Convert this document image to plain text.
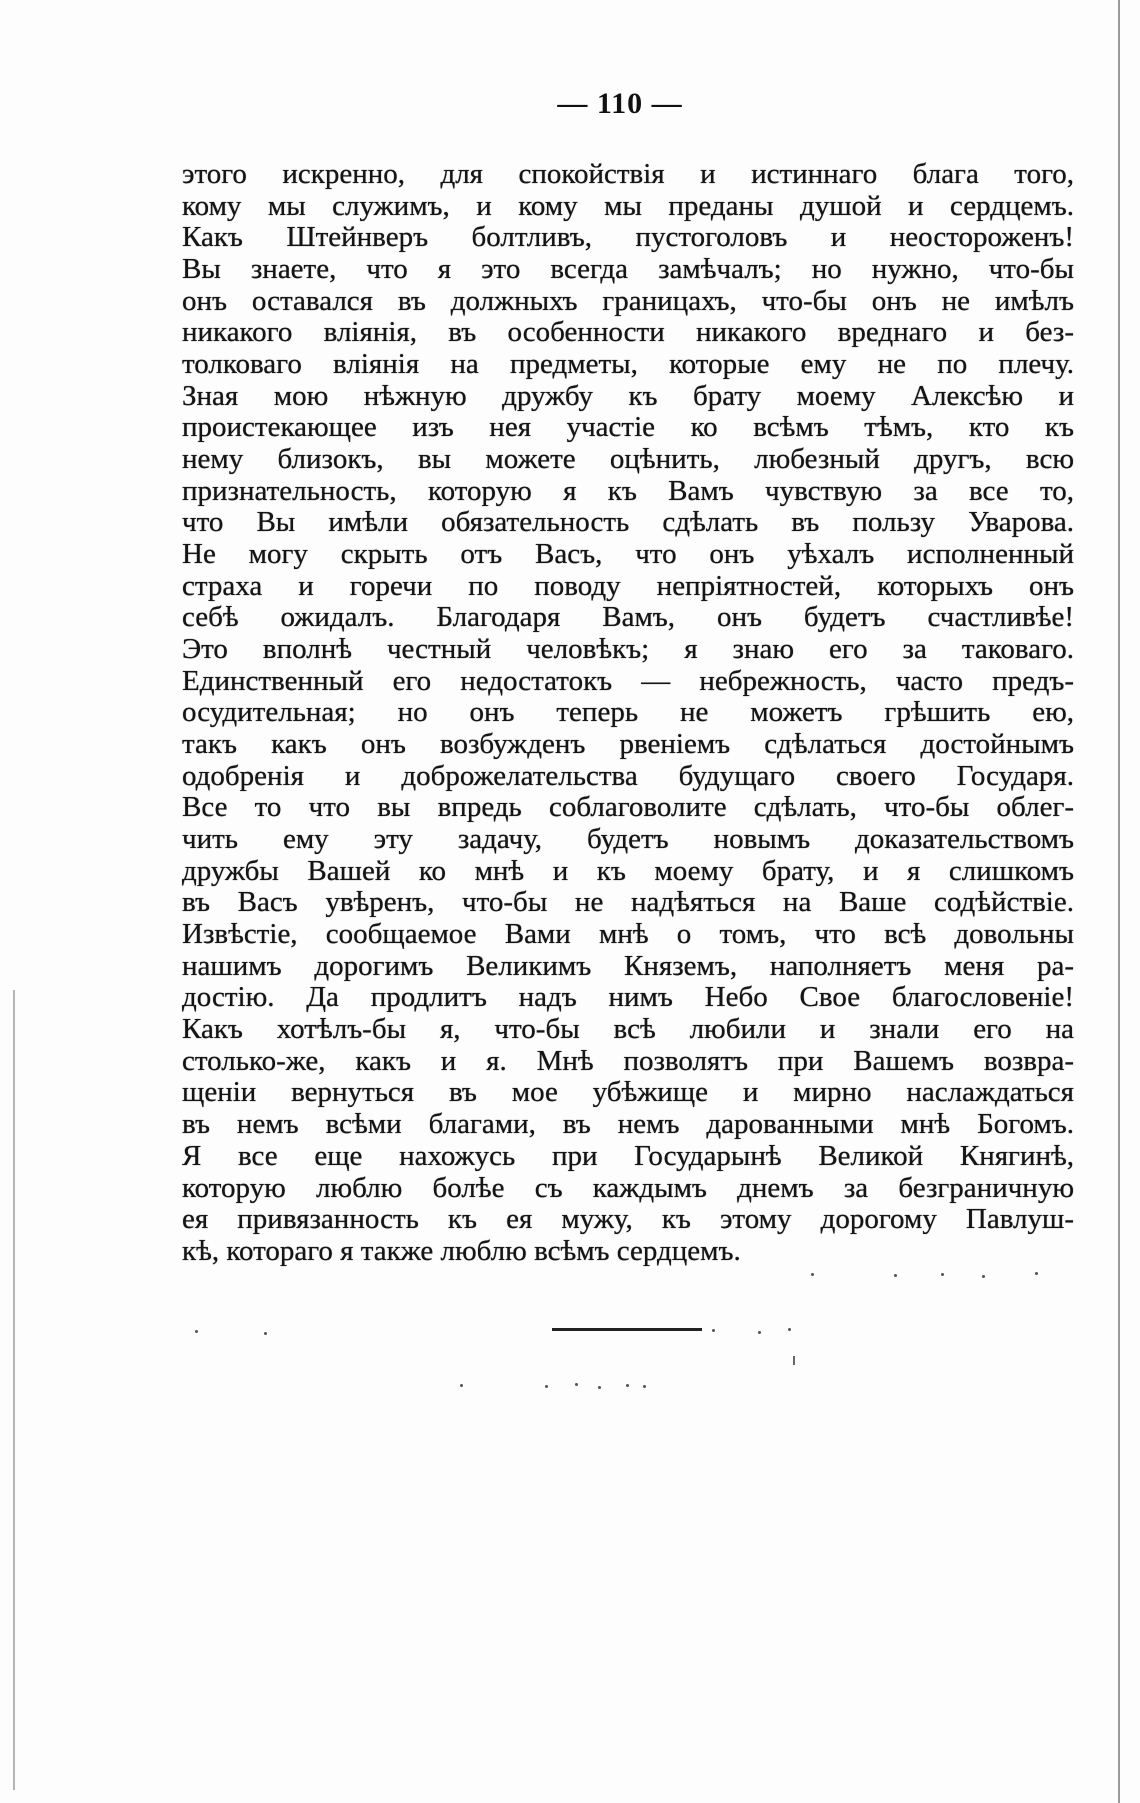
— 110 —
этого искренно, для спокойствія и истиннаго блага того,
кому мы служимъ, и кому мы преданы душой и сердцемъ.
Какъ Штейнверъ болтливъ, пустоголовъ и неостороженъ!
Вы знаете, что я это всегда замѣчалъ; но нужно, что-бы
онъ оставался въ должныхъ границахъ, что-бы онъ не имѣлъ
никакого вліянія, въ особенности никакого вреднаго и без-
толковаго вліянія на предметы, которые ему не по плечу.
Зная мою нѣжную дружбу къ брату моему Алексѣю и
проистекающее изъ нея участіе ко всѣмъ тѣмъ, кто къ
нему близокъ, вы можете оцѣнить, любезный другъ, всю
признательность, которую я къ Вамъ чувствую за все то,
что Вы имѣли обязательность сдѣлать въ пользу Уварова.
Не могу скрыть отъ Васъ, что онъ уѣхалъ исполненный
страха и горечи по поводу непріятностей, которыхъ онъ
себѣ ожидалъ. Благодаря Вамъ, онъ будетъ счастливѣе!
Это вполнѣ честный человѣкъ; я знаю его за таковаго.
Единственный его недостатокъ — небрежность, часто предъ-
осудительная; но онъ теперь не можетъ грѣшить ею,
такъ какъ онъ возбужденъ рвеніемъ сдѣлаться достойнымъ
одобренія и доброжелательства будущаго своего Государя.
Все то что вы впредь соблаговолите сдѣлать, что-бы облег-
чить ему эту задачу, будетъ новымъ доказательствомъ
дружбы Вашей ко мнѣ и къ моему брату, и я слишкомъ
въ Васъ увѣренъ, что-бы не надѣяться на Ваше содѣйствіе.
Извѣстіе, сообщаемое Вами мнѣ о томъ, что всѣ довольны
нашимъ дорогимъ Великимъ Княземъ, наполняетъ меня ра-
достію. Да продлитъ надъ нимъ Небо Свое благословеніе!
Какъ хотѣлъ-бы я, что-бы всѣ любили и знали его на
столько-же, какъ и я. Мнѣ позволятъ при Вашемъ возвра-
щеніи вернуться въ мое убѣжище и мирно наслаждаться
въ немъ всѣми благами, въ немъ дарованными мнѣ Богомъ.
Я все еще нахожусь при Государынѣ Великой Княгинѣ,
которую люблю болѣе съ каждымъ днемъ за безграничную
ея привязанность къ ея мужу, къ этому дорогому Павлуш-
кѣ, котораго я также люблю всѣмъ сердцемъ.
